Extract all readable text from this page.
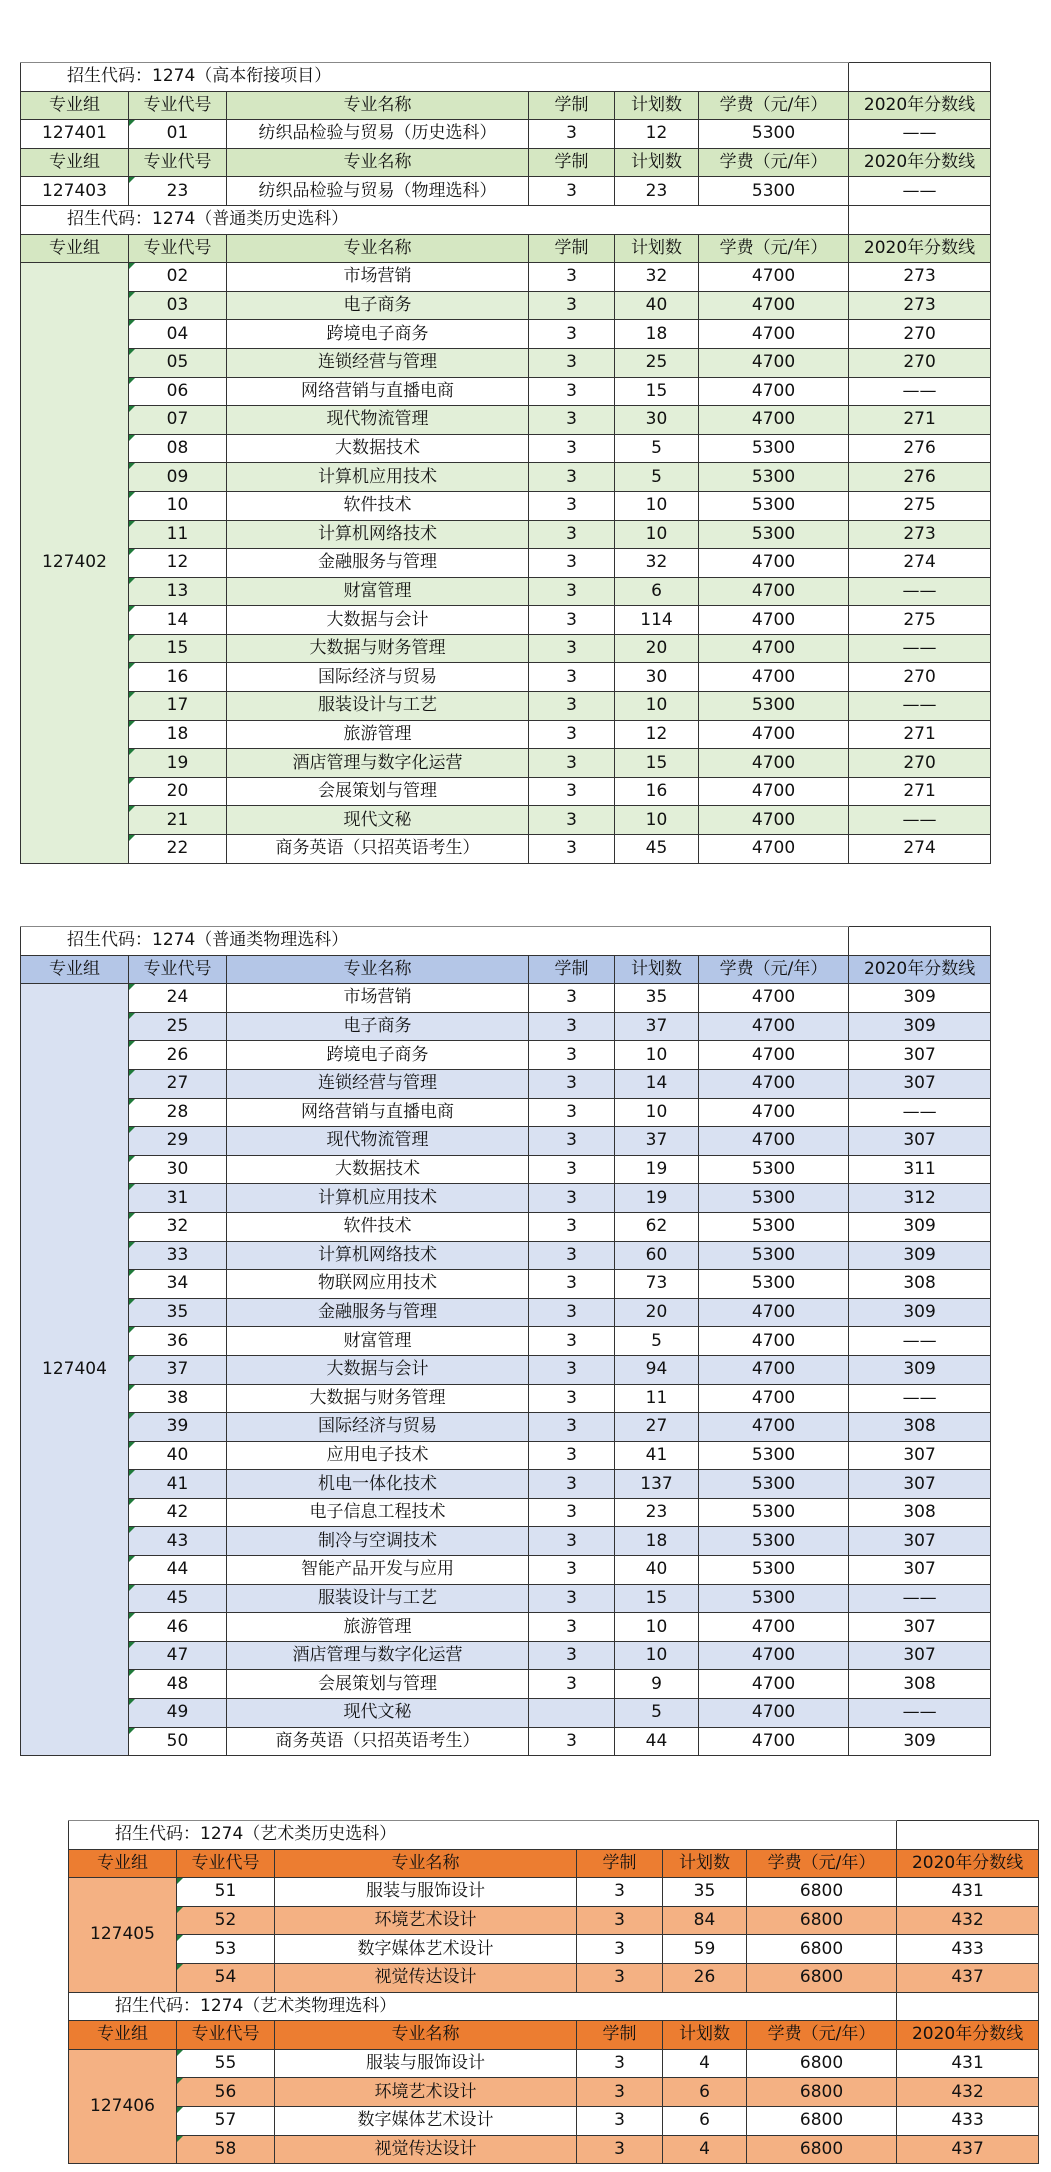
招生代码：1274（高本衔接项目）						
专业组	专业代号	专业名称	学制	计划数	学费（元/年）	2020年分数线
127401	01	纺织品检验与贸易（历史选科）	3	12	5300	——
专业组	专业代号	专业名称	学制	计划数	学费（元/年）	2020年分数线
127403	23	纺织品检验与贸易（物理选科）	3	23	5300	——
招生代码：1274（普通类历史选科）						
专业组	专业代号	专业名称	学制	计划数	学费（元/年）	2020年分数线
127402	02	市场营销	3	32	4700	273
	03	电子商务	3	40	4700	273
	04	跨境电子商务	3	18	4700	270
	05	连锁经营与管理	3	25	4700	270
	06	网络营销与直播电商	3	15	4700	——
	07	现代物流管理	3	30	4700	271
	08	大数据技术	3	5	5300	276
	09	计算机应用技术	3	5	5300	276
	10	软件技术	3	10	5300	275
	11	计算机网络技术	3	10	5300	273
	12	金融服务与管理	3	32	4700	274
	13	财富管理	3	6	4700	——
	14	大数据与会计	3	114	4700	275
	15	大数据与财务管理	3	20	4700	——
	16	国际经济与贸易	3	30	4700	270
	17	服装设计与工艺	3	10	5300	——
	18	旅游管理	3	12	4700	271
	19	酒店管理与数字化运营	3	15	4700	270
	20	会展策划与管理	3	16	4700	271
	21	现代文秘	3	10	4700	——
	22	商务英语（只招英语考生）	3	45	4700	274
招生代码：1274（普通类物理选科）						
专业组	专业代号	专业名称	学制	计划数	学费（元/年）	2020年分数线
127404	24	市场营销	3	35	4700	309
	25	电子商务	3	37	4700	309
	26	跨境电子商务	3	10	4700	307
	27	连锁经营与管理	3	14	4700	307
	28	网络营销与直播电商	3	10	4700	——
	29	现代物流管理	3	37	4700	307
	30	大数据技术	3	19	5300	311
	31	计算机应用技术	3	19	5300	312
	32	软件技术	3	62	5300	309
	33	计算机网络技术	3	60	5300	309
	34	物联网应用技术	3	73	5300	308
	35	金融服务与管理	3	20	4700	309
	36	财富管理	3	5	4700	——
	37	大数据与会计	3	94	4700	309
	38	大数据与财务管理	3	11	4700	——
	39	国际经济与贸易	3	27	4700	308
	40	应用电子技术	3	41	5300	307
	41	机电一体化技术	3	137	5300	307
	42	电子信息工程技术	3	23	5300	308
	43	制冷与空调技术	3	18	5300	307
	44	智能产品开发与应用	3	40	5300	307
	45	服装设计与工艺	3	15	5300	——
	46	旅游管理	3	10	4700	307
	47	酒店管理与数字化运营	3	10	4700	307
	48	会展策划与管理	3	9	4700	308
	49	现代文秘		5	4700	——
	50	商务英语（只招英语考生）	3	44	4700	309
招生代码：1274（艺术类历史选科）						
专业组	专业代号	专业名称	学制	计划数	学费（元/年）	2020年分数线
127405	51	服装与服饰设计	3	35	6800	431
	52	环境艺术设计	3	84	6800	432
	53	数字媒体艺术设计	3	59	6800	433
	54	视觉传达设计	3	26	6800	437
招生代码：1274（艺术类物理选科）						
专业组	专业代号	专业名称	学制	计划数	学费（元/年）	2020年分数线
127406	55	服装与服饰设计	3	4	6800	431
	56	环境艺术设计	3	6	6800	432
	57	数字媒体艺术设计	3	6	6800	433
	58	视觉传达设计	3	4	6800	437
